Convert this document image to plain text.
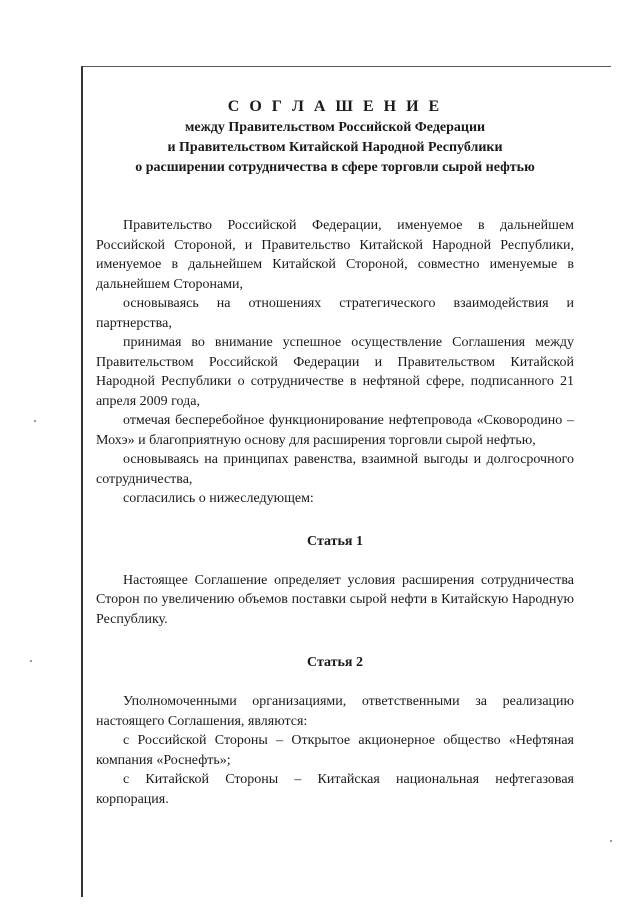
С О Г Л А Ш Е Н И Е

между Правительством Российской Федерации

и Правительством Китайской Народной Республики

о расширении сотрудничества в сфере торговли сырой нефтью

Правительство Российской Федерации, именуемое в дальнейшем Российской Стороной, и Правительство Китайской Народной Республики, именуемое в дальнейшем Китайской Стороной, совместно именуемые в дальнейшем Сторонами,

основываясь на отношениях стратегического взаимодействия и партнерства,

принимая во внимание успешное осуществление Соглашения между Правительством Российской Федерации и Правительством Китайской Народной Республики о сотрудничестве в нефтяной сфере, подписанного 21 апреля 2009 года,

отмечая бесперебойное функционирование нефтепровода «Сковородино – Мохэ» и благоприятную основу для расширения торговли сырой нефтью,

основываясь на принципах равенства, взаимной выгоды и долгосрочного сотрудничества,

согласились о нижеследующем:

Статья 1

Настоящее Соглашение определяет условия расширения сотрудничества Сторон по увеличению объемов поставки сырой нефти в Китайскую Народную Республику.

Статья 2

Уполномоченными организациями, ответственными за реализацию настоящего Соглашения, являются:

с Российской Стороны – Открытое акционерное общество «Нефтяная компания «Роснефть»;

с Китайской Стороны – Китайская национальная нефтегазовая корпорация.
